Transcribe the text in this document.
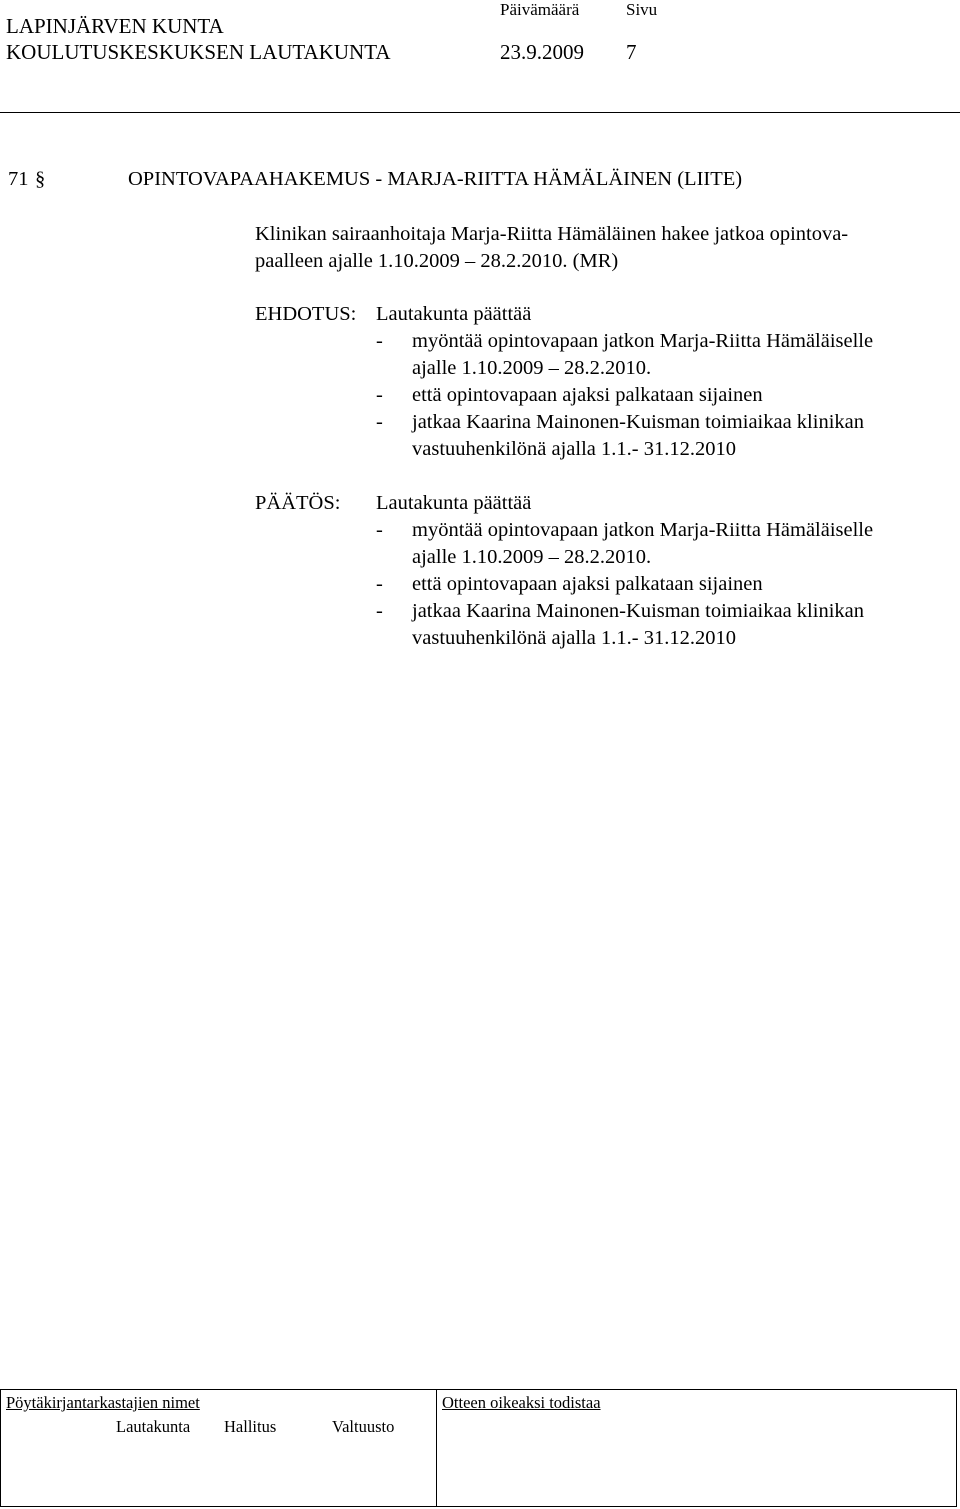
LAPINJÄRVEN KUNTA
KOULUTUSKESKUKSEN LAUTAKUNTA
Päivämäärä
23.9.2009
Sivu
7
71 §	OPINTOVAPAAHAKEMUS - MARJA-RIITTA HÄMÄLÄINEN (LIITE)
Klinikan sairaanhoitaja Marja-Riitta Hämäläinen hakee jatkoa opintova-
paalleen ajalle 1.10.2009 – 28.2.2010. (MR)
EHDOTUS: Lautakunta päättää
- myöntää opintovapaan jatkon Marja-Riitta Hämäläiselle
ajalle 1.10.2009 – 28.2.2010.
- että opintovapaan ajaksi palkataan sijainen
- jatkaa Kaarina Mainonen-Kuisman toimiaikaa klinikan
vastuuhenkilönä ajalla 1.1.- 31.12.2010
PÄÄTÖS: Lautakunta päättää
- myöntää opintovapaan jatkon Marja-Riitta Hämäläiselle
ajalle 1.10.2009 – 28.2.2010.
- että opintovapaan ajaksi palkataan sijainen
- jatkaa Kaarina Mainonen-Kuisman toimiaikaa klinikan
vastuuhenkilönä ajalla 1.1.- 31.12.2010
Pöytäkirjantarkastajien nimet	Otteen oikeaksi todistaa
Lautakunta Hallitus	Valtuusto
